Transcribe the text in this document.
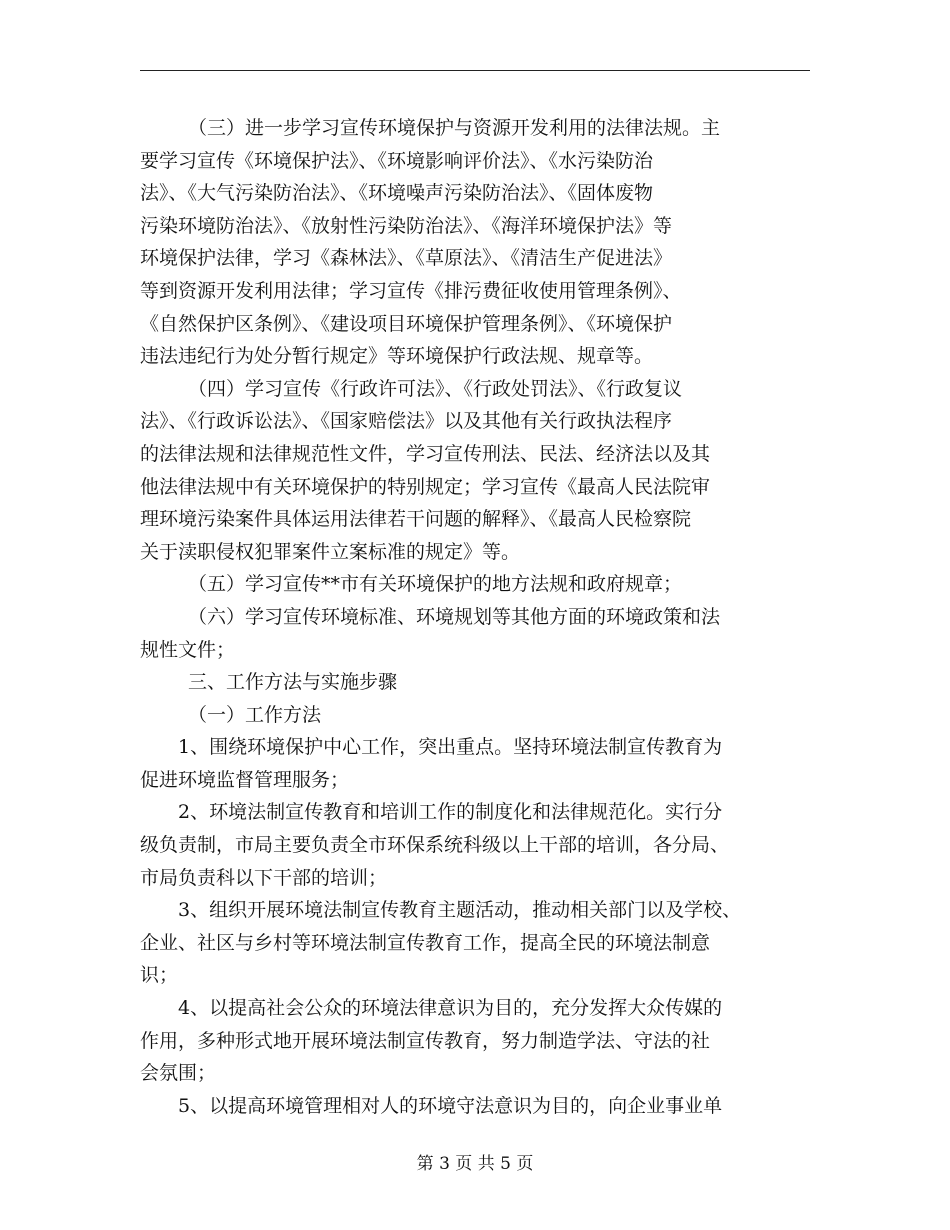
（三）进一步学习宣传环境保护与资源开发利用的法律法规。主
要学习宣传《环境保护法》、《环境影响评价法》、《水污染防治
法》、《大气污染防治法》、《环境噪声污染防治法》、《固体废物
污染环境防治法》、《放射性污染防治法》、《海洋环境保护法》等
环境保护法律，学习《森林法》、《草原法》、《清洁生产促进法》
等到资源开发利用法律；学习宣传《排污费征收使用管理条例》、
《自然保护区条例》、《建设项目环境保护管理条例》、《环境保护
违法违纪行为处分暂行规定》等环境保护行政法规、规章等。
（四）学习宣传《行政许可法》、《行政处罚法》、《行政复议
法》、《行政诉讼法》、《国家赔偿法》以及其他有关行政执法程序
的法律法规和法律规范性文件，学习宣传刑法、民法、经济法以及其
他法律法规中有关环境保护的特别规定；学习宣传《最高人民法院审
理环境污染案件具体运用法律若干问题的解释》、《最高人民检察院
关于渎职侵权犯罪案件立案标准的规定》等。
（五）学习宣传**市有关环境保护的地方法规和政府规章；
（六）学习宣传环境标准、环境规划等其他方面的环境政策和法
规性文件；
三、工作方法与实施步骤
（一）工作方法
1、围绕环境保护中心工作，突出重点。坚持环境法制宣传教育为
促进环境监督管理服务；
2、环境法制宣传教育和培训工作的制度化和法律规范化。实行分
级负责制，市局主要负责全市环保系统科级以上干部的培训，各分局、
市局负责科以下干部的培训；
3、组织开展环境法制宣传教育主题活动，推动相关部门以及学校、
企业、社区与乡村等环境法制宣传教育工作，提高全民的环境法制意
识；
4、以提高社会公众的环境法律意识为目的，充分发挥大众传媒的
作用，多种形式地开展环境法制宣传教育，努力制造学法、守法的社
会氛围；
5、以提高环境管理相对人的环境守法意识为目的，向企业事业单
第 3 页 共 5 页
